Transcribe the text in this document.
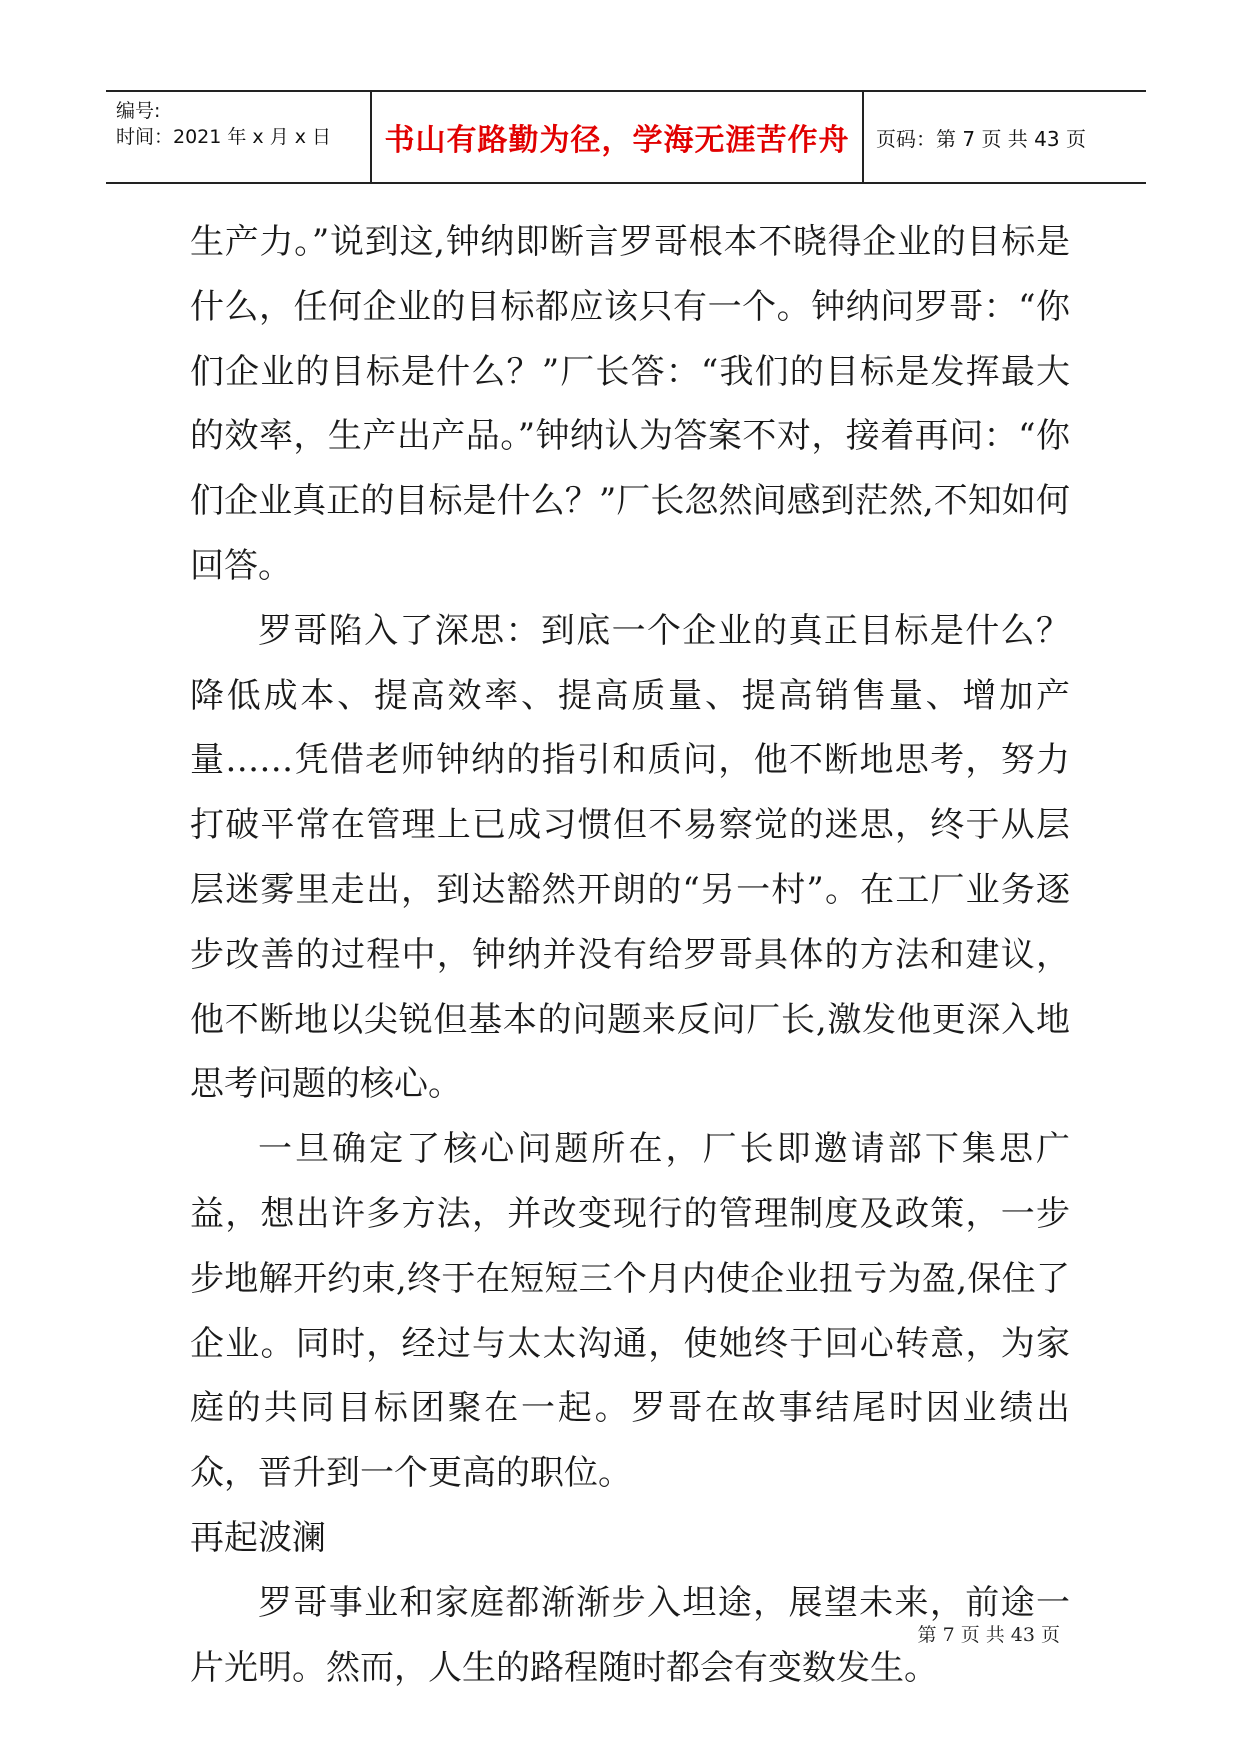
编号:
时间：2021 年 x 月 x 日	书山有路勤为径，学海无涯苦作舟	页码：第 7 页 共 43 页

生产力。”说到这,钟纳即断言罗哥根本不晓得企业的目标是什么，任何企业的目标都应该只有一个。钟纳问罗哥：“你们企业的目标是什么？”厂长答：“我们的目标是发挥最大的效率，生产出产品。”钟纳认为答案不对，接着再问：“你们企业真正的目标是什么？”厂长忽然间感到茫然,不知如何回答。

罗哥陷入了深思：到底一个企业的真正目标是什么？降低成本、提高效率、提高质量、提高销售量、增加产量……凭借老师钟纳的指引和质问，他不断地思考，努力打破平常在管理上已成习惯但不易察觉的迷思，终于从层层迷雾里走出，到达豁然开朗的“另一村”。在工厂业务逐步改善的过程中，钟纳并没有给罗哥具体的方法和建议，他不断地以尖锐但基本的问题来反问厂长,激发他更深入地思考问题的核心。

一旦确定了核心问题所在，厂长即邀请部下集思广益，想出许多方法，并改变现行的管理制度及政策，一步步地解开约束,终于在短短三个月内使企业扭亏为盈,保住了企业。同时，经过与太太沟通，使她终于回心转意，为家庭的共同目标团聚在一起。罗哥在故事结尾时因业绩出众，晋升到一个更高的职位。

再起波澜

罗哥事业和家庭都渐渐步入坦途，展望未来，前途一片光明。然而，人生的路程随时都会有变数发生。

第 7 页 共 43 页
